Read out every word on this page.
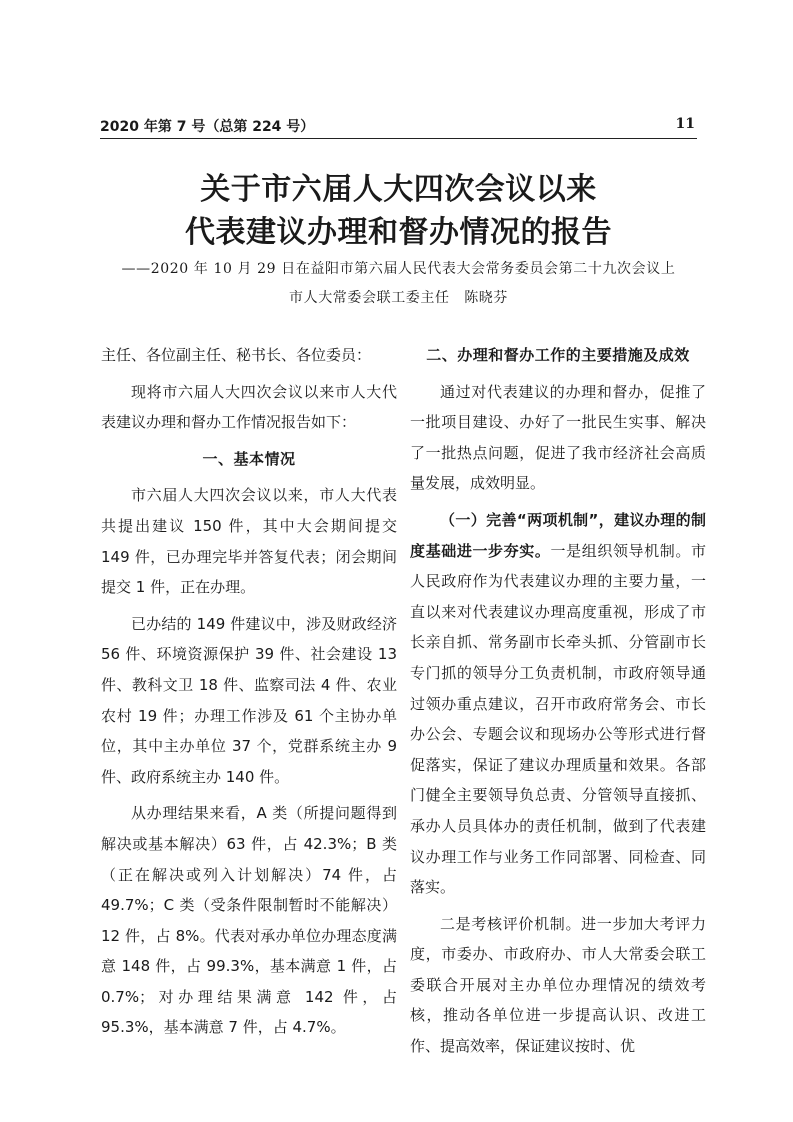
2020 年第 7 号（总第 224 号）	11
关于市六届人大四次会议以来
代表建议办理和督办情况的报告
——2020 年 10 月 29 日在益阳市第六届人民代表大会常务委员会第二十九次会议上
市人大常委会联工委主任　陈晓芬

主任、各位副主任、秘书长、各位委员：

现将市六届人大四次会议以来市人大代表建议办理和督办工作情况报告如下：

一、基本情况

市六届人大四次会议以来，市人大代表共提出建议 150 件，其中大会期间提交 149 件，已办理完毕并答复代表；闭会期间提交 1 件，正在办理。

已办结的 149 件建议中，涉及财政经济 56 件、环境资源保护 39 件、社会建设 13 件、教科文卫 18 件、监察司法 4 件、农业农村 19 件；办理工作涉及 61 个主协办单位，其中主办单位 37 个，党群系统主办 9 件、政府系统主办 140 件。

从办理结果来看，A 类（所提问题得到解决或基本解决）63 件，占 42.3%；B 类（正在解决或列入计划解决）74 件，占 49.7%；C 类（受条件限制暂时不能解决）12 件，占 8%。代表对承办单位办理态度满意 148 件，占 99.3%，基本满意 1 件，占 0.7%；对办理结果满意 142 件，占 95.3%，基本满意 7 件，占 4.7%。

二、办理和督办工作的主要措施及成效

通过对代表建议的办理和督办，促推了一批项目建设、办好了一批民生实事、解决了一批热点问题，促进了我市经济社会高质量发展，成效明显。

（一）完善“两项机制”，建议办理的制度基础进一步夯实。一是组织领导机制。市人民政府作为代表建议办理的主要力量，一直以来对代表建议办理高度重视，形成了市长亲自抓、常务副市长牵头抓、分管副市长专门抓的领导分工负责机制，市政府领导通过领办重点建议，召开市政府常务会、市长办公会、专题会议和现场办公等形式进行督促落实，保证了建议办理质量和效果。各部门健全主要领导负总责、分管领导直接抓、承办人员具体办的责任机制，做到了代表建议办理工作与业务工作同部署、同检查、同落实。

二是考核评价机制。进一步加大考评力度，市委办、市政府办、市人大常委会联工委联合开展对主办单位办理情况的绩效考核，推动各单位进一步提高认识、改进工作、提高效率，保证建议按时、优
